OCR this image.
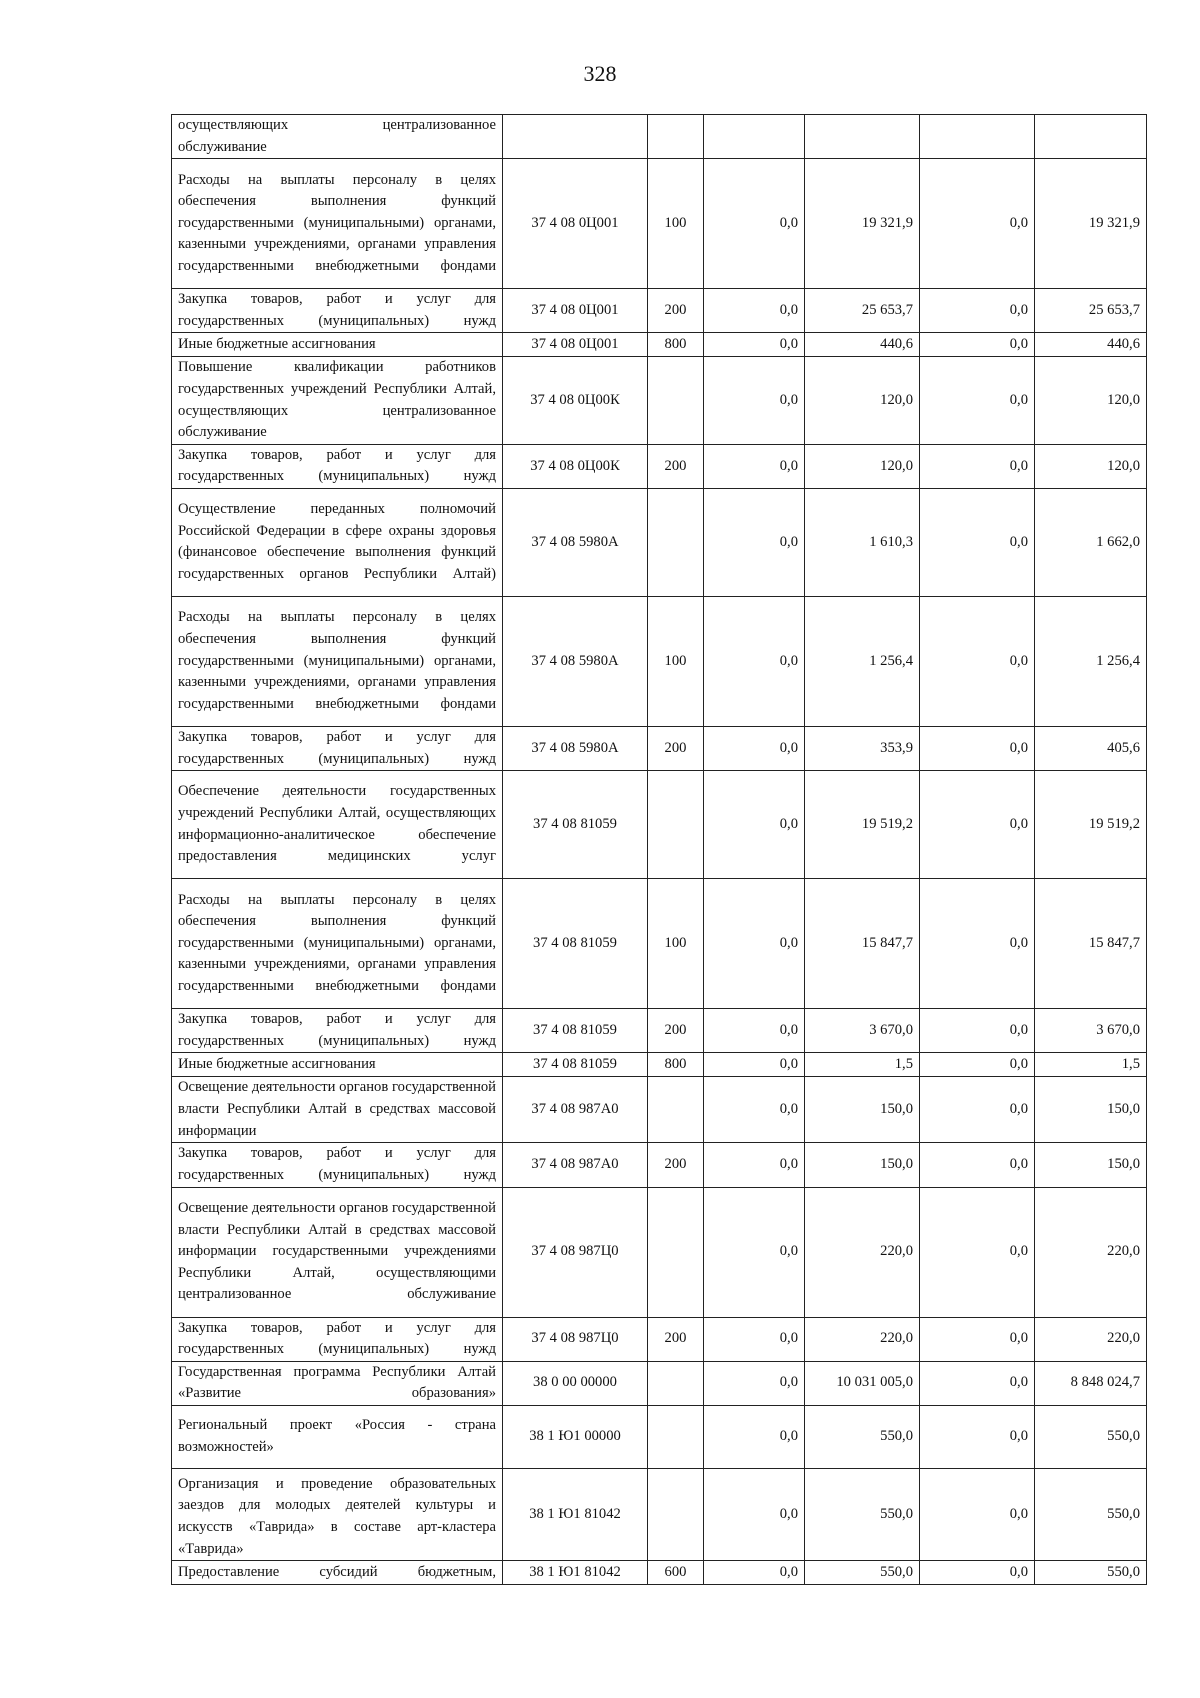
328
осуществляющих централизованное обслуживание						
Расходы на выплаты персоналу в целях обеспечения выполнения функций государственными (муниципальными) органами, казенными учреждениями, органами управления государственными внебюджетными фондами	37 4 08 0Ц001	100	0,0	19 321,9	0,0	19 321,9
Закупка товаров, работ и услуг для государственных (муниципальных) нужд	37 4 08 0Ц001	200	0,0	25 653,7	0,0	25 653,7
Иные бюджетные ассигнования	37 4 08 0Ц001	800	0,0	440,6	0,0	440,6
Повышение квалификации работников государственных учреждений Республики Алтай, осуществляющих централизованное обслуживание	37 4 08 0Ц00К		0,0	120,0	0,0	120,0
Закупка товаров, работ и услуг для государственных (муниципальных) нужд	37 4 08 0Ц00К	200	0,0	120,0	0,0	120,0
Осуществление переданных полномочий Российской Федерации в сфере охраны здоровья (финансовое обеспечение выполнения функций государственных органов Республики Алтай)	37 4 08 5980А		0,0	1 610,3	0,0	1 662,0
Расходы на выплаты персоналу в целях обеспечения выполнения функций государственными (муниципальными) органами, казенными учреждениями, органами управления государственными внебюджетными фондами	37 4 08 5980А	100	0,0	1 256,4	0,0	1 256,4
Закупка товаров, работ и услуг для государственных (муниципальных) нужд	37 4 08 5980А	200	0,0	353,9	0,0	405,6
Обеспечение деятельности государственных учреждений Республики Алтай, осуществляющих информационно-аналитическое обеспечение предоставления медицинских услуг	37 4 08 81059		0,0	19 519,2	0,0	19 519,2
Расходы на выплаты персоналу в целях обеспечения выполнения функций государственными (муниципальными) органами, казенными учреждениями, органами управления государственными внебюджетными фондами	37 4 08 81059	100	0,0	15 847,7	0,0	15 847,7
Закупка товаров, работ и услуг для государственных (муниципальных) нужд	37 4 08 81059	200	0,0	3 670,0	0,0	3 670,0
Иные бюджетные ассигнования	37 4 08 81059	800	0,0	1,5	0,0	1,5
Освещение деятельности органов государственной власти Республики Алтай в средствах массовой информации	37 4 08 987А0		0,0	150,0	0,0	150,0
Закупка товаров, работ и услуг для государственных (муниципальных) нужд	37 4 08 987А0	200	0,0	150,0	0,0	150,0
Освещение деятельности органов государственной власти Республики Алтай в средствах массовой информации государственными учреждениями Республики Алтай, осуществляющими централизованное обслуживание	37 4 08 987Ц0		0,0	220,0	0,0	220,0
Закупка товаров, работ и услуг для государственных (муниципальных) нужд	37 4 08 987Ц0	200	0,0	220,0	0,0	220,0
Государственная программа Республики Алтай «Развитие образования»	38 0 00 00000		0,0	10 031 005,0	0,0	8 848 024,7
Региональный проект «Россия - страна возможностей»	38 1 Ю1 00000		0,0	550,0	0,0	550,0
Организация и проведение образовательных заездов для молодых деятелей культуры и искусств «Таврида» в составе арт-кластера «Таврида»	38 1 Ю1 81042		0,0	550,0	0,0	550,0
Предоставление субсидий бюджетным,	38 1 Ю1 81042	600	0,0	550,0	0,0	550,0
